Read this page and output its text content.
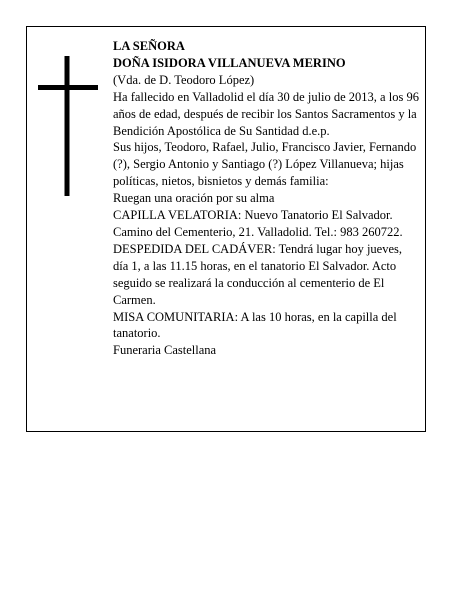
LA SEÑORA

DOÑA ISIDORA VILLANUEVA MERINO

(Vda. de D. Teodoro López)

Ha fallecido en Valladolid el día 30 de julio de 2013, a los 96 años de edad, después de recibir los Santos Sacramentos y la Bendición Apostólica de Su Santidad d.e.p.

Sus hijos, Teodoro, Rafael, Julio, Francisco Javier, Fernando (?), Sergio Antonio y Santiago (?) López Villanueva; hijas políticas, nietos, bisnietos y demás familia:

Ruegan una oración por su alma

CAPILLA VELATORIA: Nuevo Tanatorio El Salvador. Camino del Cementerio, 21. Valladolid. Tel.: 983 260722.

DESPEDIDA DEL CADÁVER: Tendrá lugar hoy jueves, día 1, a las 11.15 horas, en el tanatorio El Salvador. Acto seguido se realizará la conducción al cementerio de El Carmen.

MISA COMUNITARIA: A las 10 horas, en la capilla del tanatorio.

Funeraria Castellana
